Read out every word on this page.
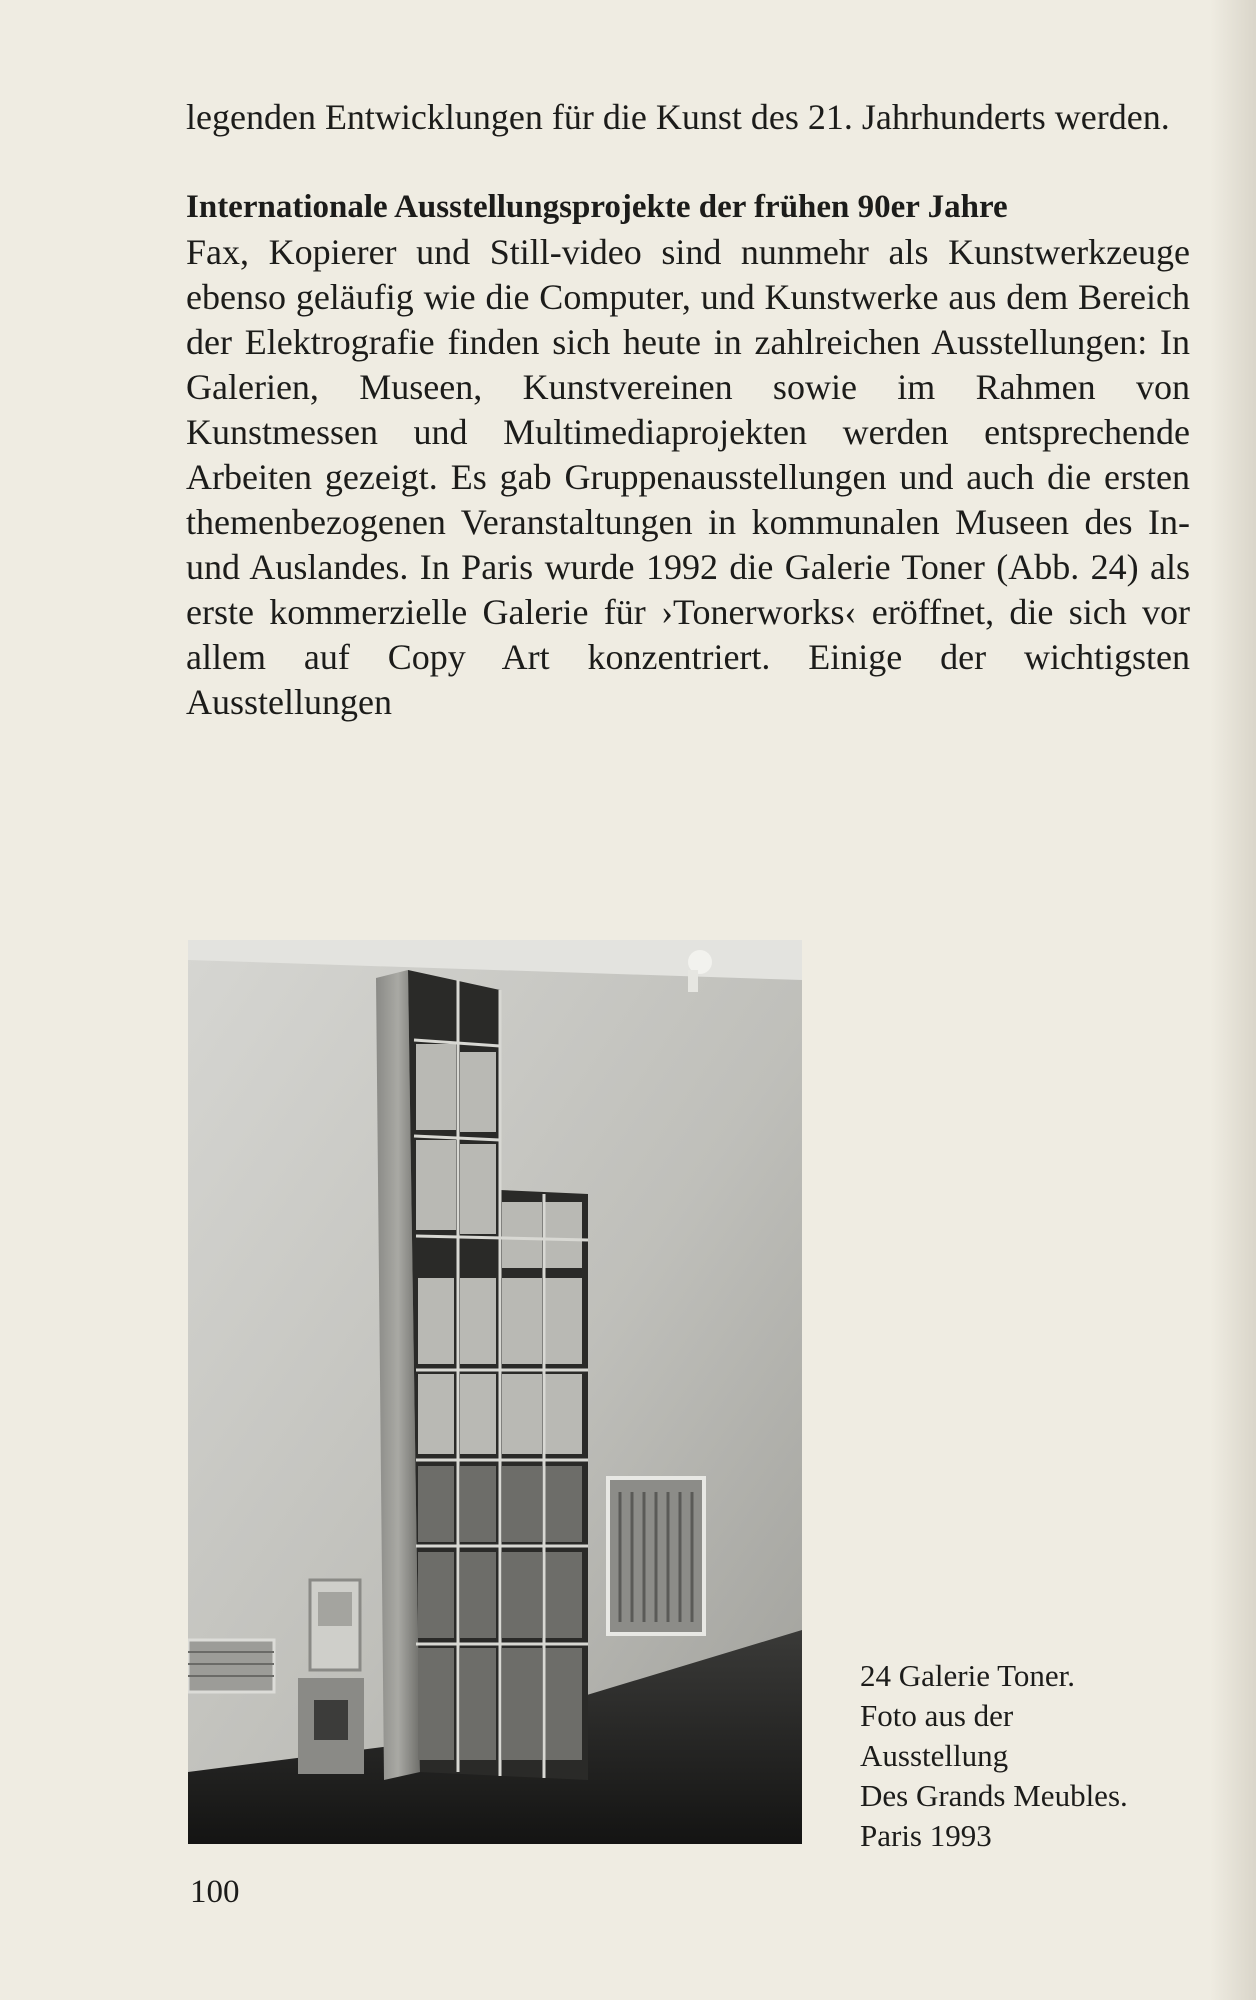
legenden Entwicklungen für die Kunst des 21. Jahrhunderts werden.

Internationale Ausstellungsprojekte der frühen 90er Jahre

Fax, Kopierer und Still-video sind nunmehr als Kunstwerkzeuge ebenso geläufig wie die Computer, und Kunstwerke aus dem Bereich der Elektrografie finden sich heute in zahlreichen Ausstellungen: In Galerien, Museen, Kunstvereinen sowie im Rahmen von Kunstmessen und Multimediaprojekten werden entsprechende Arbeiten gezeigt. Es gab Gruppenausstellungen und auch die ersten themenbezogenen Veranstaltungen in kommunalen Museen des In- und Auslandes. In Paris wurde 1992 die Galerie Toner (Abb. 24) als erste kommerzielle Galerie für ›Tonerworks‹ eröffnet, die sich vor allem auf Copy Art konzentriert. Einige der wichtigsten Ausstellungen

24 Galerie Toner.
Foto aus der
Ausstellung
Des Grands Meubles.
Paris 1993
100
